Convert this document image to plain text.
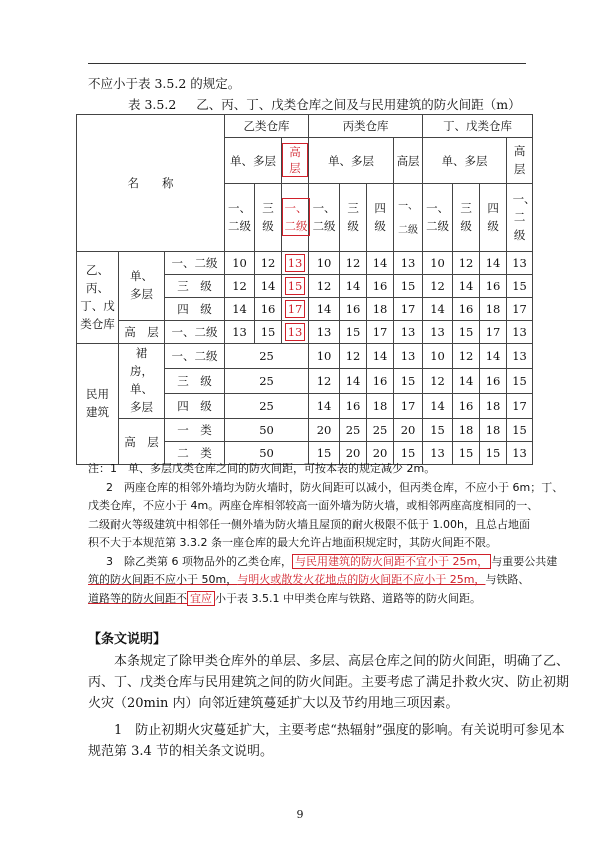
不应小于表 3.5.2 的规定。
表 3.5.2 乙、丙、丁、戊类仓库之间及与民用建筑的防火间距（m）
名　　称			乙类仓库			丙类仓库				丁、戊类仓库			
			单、多层		高层	单、多层			高层	单、多层			高层
			一、二级	三级	一、二级	一、二级	三级	四级	一、二级	一、二级	三级	四级	一、二级
乙、丙、丁、戊类仓库	单、多层	一、二级	10	12	13	10	12	14	13	10	12	14	13
		三　级	12	14	15	12	14	16	15	12	14	16	15
		四　级	14	16	17	14	16	18	17	14	16	18	17
	高　层	一、二级	13	15	13	13	15	17	13	13	15	17	13
民用建筑	裙房，单、多层	一、二级	25			10	12	14	13	10	12	14	13
		三　级	25			12	14	16	15	12	14	16	15
		四　级	25			14	16	18	17	14	16	18	17
	高　层	一　类	50			20	25	25	20	15	18	18	15
		二　类	50			15	20	20	15	13	15	15	13
注：1　单、多层戊类仓库之间的防火间距，可按本表的规定减少 2m。
2　两座仓库的相邻外墙均为防火墙时，防火间距可以减小，但丙类仓库，不应小于 6m；丁、
戊类仓库，不应小于 4m。两座仓库相邻较高一面外墙为防火墙，或相邻两座高度相同的一、
二级耐火等级建筑中相邻任一侧外墙为防火墙且屋顶的耐火极限不低于 1.00h，且总占地面
积不大于本规范第 3.3.2 条一座仓库的最大允许占地面积规定时，其防火间距不限。
3　除乙类第 6 项物品外的乙类仓库， 与民用建筑的防火间距不宜小于 25m， 与重要公共建
筑的防火间距不应小于 50m，与明火或散发火花地点的防火间距不应小于 25m，与铁路、
道路等的防火间距不 宜应 小于表 3.5.1 中甲类仓库与铁路、道路等的防火间距。
【条文说明】
　　本条规定了除甲类仓库外的单层、多层、高层仓库之间的防火间距，明确了乙、
丙、丁、戊类仓库与民用建筑之间的防火间距。主要考虑了满足扑救火灾、防止初期
火灾（20min 内）向邻近建筑蔓延扩大以及节约用地三项因素。
　　1　防止初期火灾蔓延扩大，主要考虑“热辐射”强度的影响。有关说明可参见本
规范第 3.4 节的相关条文说明。
9
